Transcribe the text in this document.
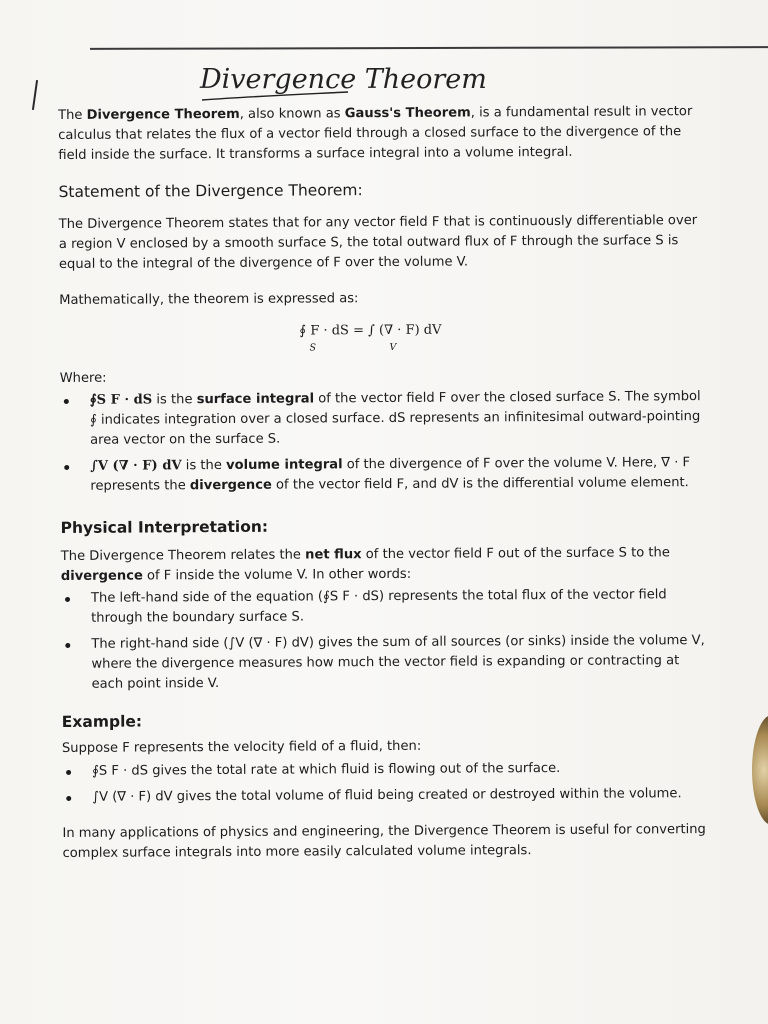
Divergence Theorem

The Divergence Theorem, also known as Gauss's Theorem, is a fundamental result in vector calculus that relates the flux of a vector field through a closed surface to the divergence of the field inside the surface. It transforms a surface integral into a volume integral.

Statement of the Divergence Theorem:

The Divergence Theorem states that for any vector field F that is continuously differentiable over a region V enclosed by a smooth surface S, the total outward flux of F through the surface S is equal to the integral of the divergence of F over the volume V.

Mathematically, the theorem is expressed as:

∮ F · dS = ∫ (∇ · F) dV
S	V

Where:

∮S F · dS is the surface integral of the vector field F over the closed surface S. The symbol ∮ indicates integration over a closed surface. dS represents an infinitesimal outward-pointing area vector on the surface S.
∫V (∇ · F) dV is the volume integral of the divergence of F over the volume V. Here, ∇ · F represents the divergence of the vector field F, and dV is the differential volume element.
Physical Interpretation:

The Divergence Theorem relates the net flux of the vector field F out of the surface S to the divergence of F inside the volume V. In other words:

The left-hand side of the equation (∮S F · dS) represents the total flux of the vector field through the boundary surface S.
The right-hand side (∫V (∇ · F) dV) gives the sum of all sources (or sinks) inside the volume V, where the divergence measures how much the vector field is expanding or contracting at each point inside V.
Example:

Suppose F represents the velocity field of a fluid, then:

∮S F · dS gives the total rate at which fluid is flowing out of the surface.
∫V (∇ · F) dV gives the total volume of fluid being created or destroyed within the volume.

In many applications of physics and engineering, the Divergence Theorem is useful for converting complex surface integrals into more easily calculated volume integrals.
